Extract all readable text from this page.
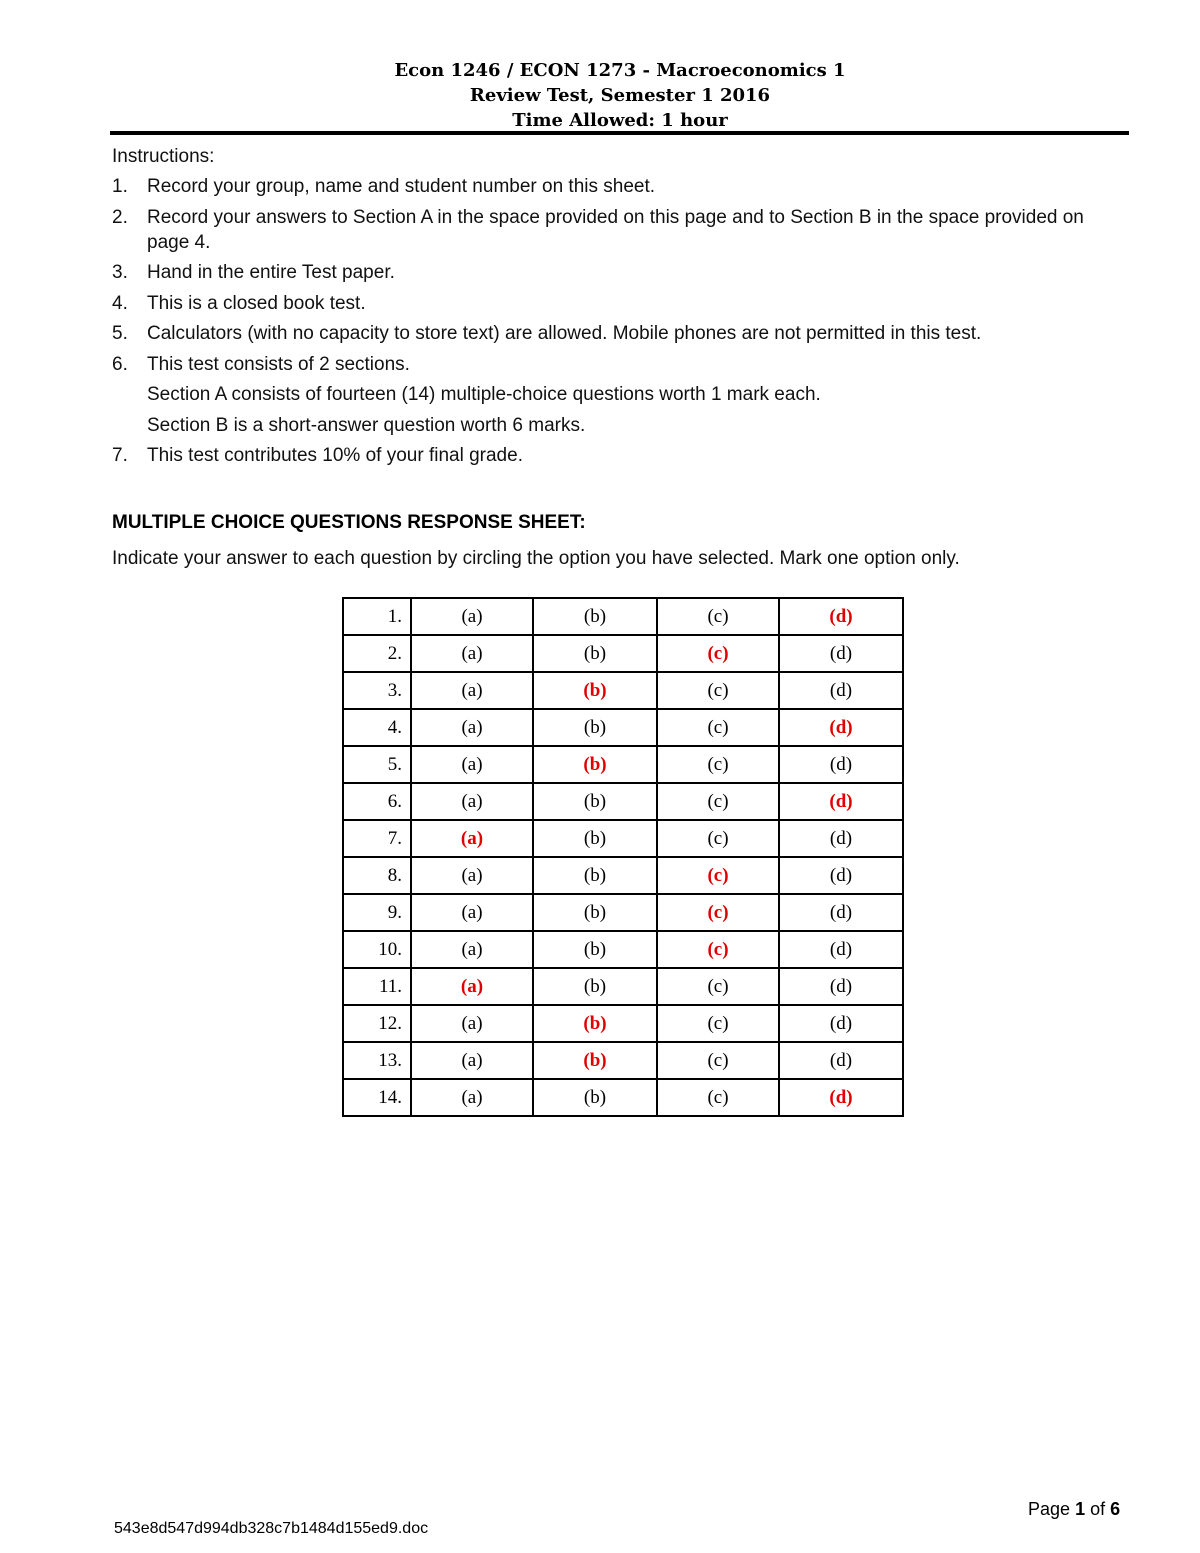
Econ 1246 / ECON 1273 - Macroeconomics 1
Review Test, Semester 1 2016
Time Allowed: 1 hour
Instructions:
1.	Record your group, name and student number on this sheet.
2.	Record your answers to Section A in the space provided on this page and to Section B in the space provided on page 4.
3.	Hand in the entire Test paper.
4.	This is a closed book test.
5.	Calculators (with no capacity to store text) are allowed. Mobile phones are not permitted in this test.
6.	This test consists of 2 sections.
Section A consists of fourteen (14) multiple-choice questions worth 1 mark each.
Section B is a short-answer question worth 6 marks.
7.	This test contributes 10% of your final grade.
MULTIPLE CHOICE QUESTIONS RESPONSE SHEET:
Indicate your answer to each question by circling the option you have selected. Mark one option only.
1.	(a)	(b)	(c)	(d)
2.	(a)	(b)	(c)	(d)
3.	(a)	(b)	(c)	(d)
4.	(a)	(b)	(c)	(d)
5.	(a)	(b)	(c)	(d)
6.	(a)	(b)	(c)	(d)
7.	(a)	(b)	(c)	(d)
8.	(a)	(b)	(c)	(d)
9.	(a)	(b)	(c)	(d)
10.	(a)	(b)	(c)	(d)
11.	(a)	(b)	(c)	(d)
12.	(a)	(b)	(c)	(d)
13.	(a)	(b)	(c)	(d)
14.	(a)	(b)	(c)	(d)
Page 1 of 6
543e8d547d994db328c7b1484d155ed9.doc
